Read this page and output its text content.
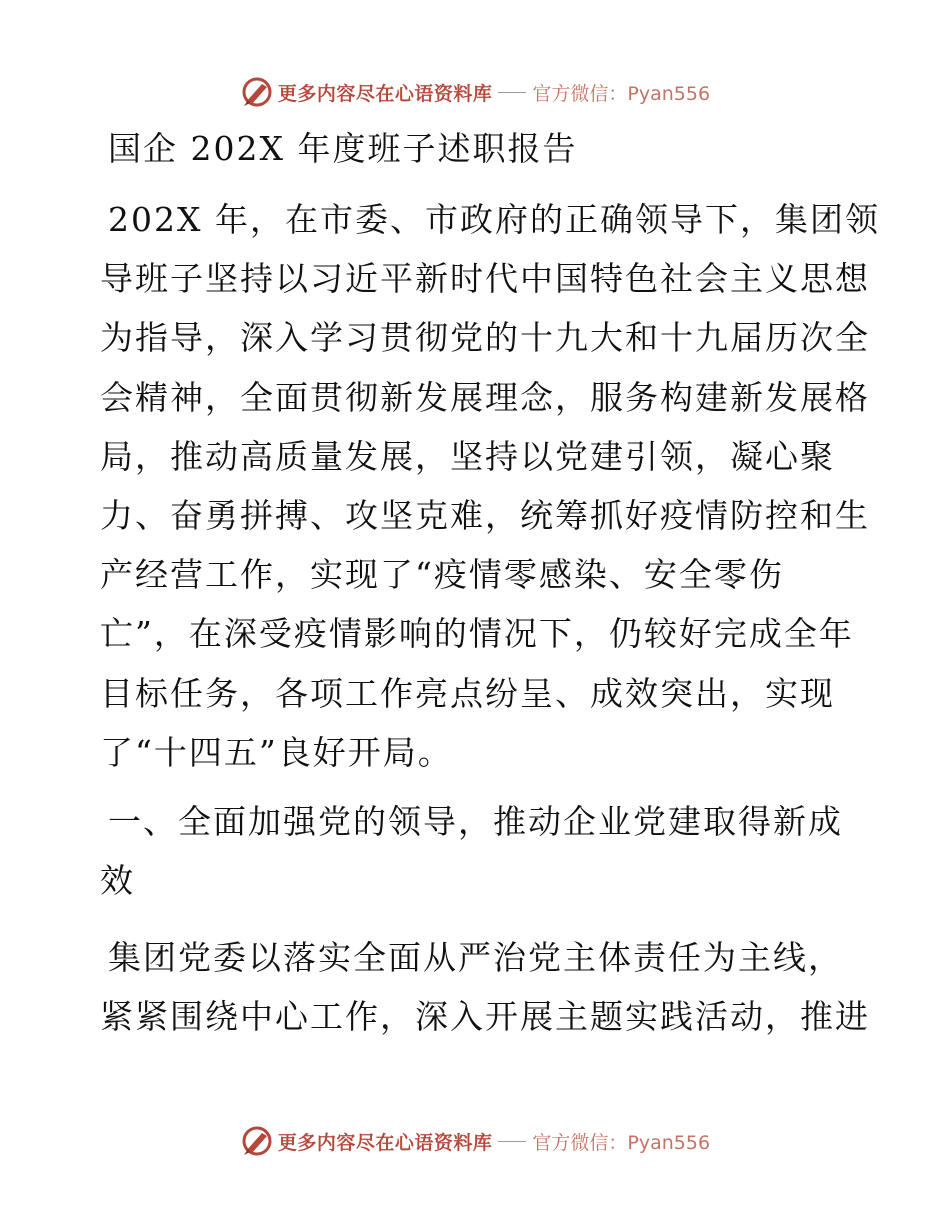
更多内容尽在心语资料库 官方微信：Pyan556
国企 202X 年度班子述职报告

202X 年，在市委、市政府的正确领导下，集团领
导班子坚持以习近平新时代中国特色社会主义思想
为指导，深入学习贯彻党的十九大和十九届历次全
会精神，全面贯彻新发展理念，服务构建新发展格
局，推动高质量发展，坚持以党建引领，凝心聚
力、奋勇拼搏、攻坚克难，统筹抓好疫情防控和生
产经营工作，实现了“疫情零感染、安全零伤
亡”，在深受疫情影响的情况下，仍较好完成全年
目标任务，各项工作亮点纷呈、成效突出，实现
了“十四五”良好开局。

一、全面加强党的领导，推动企业党建取得新成
效

集团党委以落实全面从严治党主体责任为主线，
紧紧围绕中心工作，深入开展主题实践活动，推进

更多内容尽在心语资料库 官方微信：Pyan556
